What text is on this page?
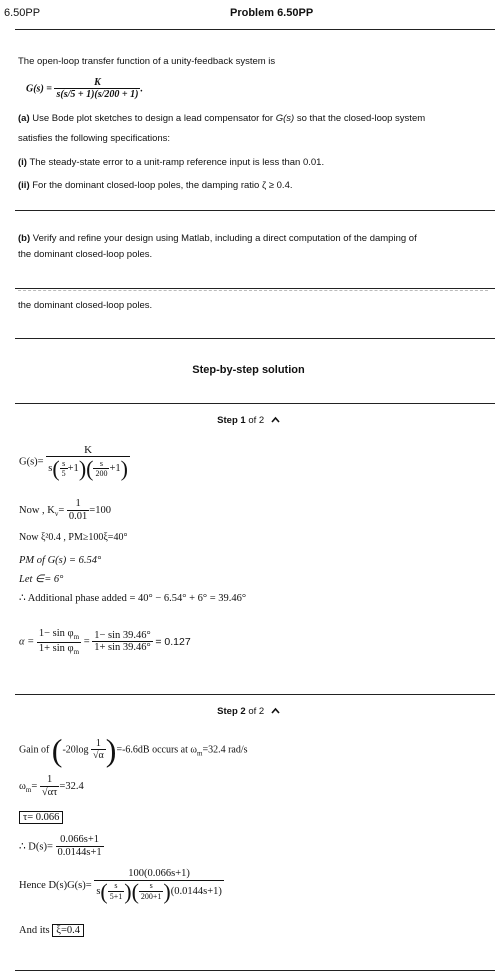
6.50PP	Problem 6.50PP
The open-loop transfer function of a unity-feedback system is
$G(s) = \frac{K}{s(s/5 + 1)(s/200 + 1)}$ .
(a) Use Bode plot sketches to design a lead compensator for G(s) so that the closed-loop system
satisfies the following specifications:
(i) The steady-state error to a unit-ramp reference input is less than 0.01.
(ii) For the dominant closed-loop poles, the damping ratio ζ ≥ 0.4.
(b) Verify and refine your design using Matlab, including a direct computation of the damping of
the dominant closed-loop poles.
the dominant closed-loop poles.
Step-by-step solution
Step 1 of 2
$G(s)= \frac{K}{s( \frac{s}{5} +1)( \frac{s}{200} +1)}$
Now , $K_v= \frac{1}{0.01} =100$
Now ξ²0.4 , PM≥100ξ=40°
PM of G(s) = 6.54°
Let ∈= 6°
∴ Additional phase added = 40° − 6.54° + 6° = 39.46°
$\alpha = \frac{1- \sin \varphi_m}{1+ \sin \varphi_m} = \frac{1- \sin 39.46^\circ}{1+ \sin 39.46^\circ} = 0.127$
Step 2 of 2
Gain of $(-20\log \frac{1}{√\alpha} )=-6.6dB$ occurs at $\omega_m=32.4$ rad/s
$\omega_m= \frac{1}{√\alpha\tau} =32.4$
τ= 0.066
∴ $D(s)= \frac{0.066s+1}{0.0144s+1}$
Hence $D(s)G(s)= \frac{100(0.066s+1)}{s( \frac{s}{5+1} )( \frac{s}{200+1} )(0.0144s+1)}$
And its ξ=0.4
